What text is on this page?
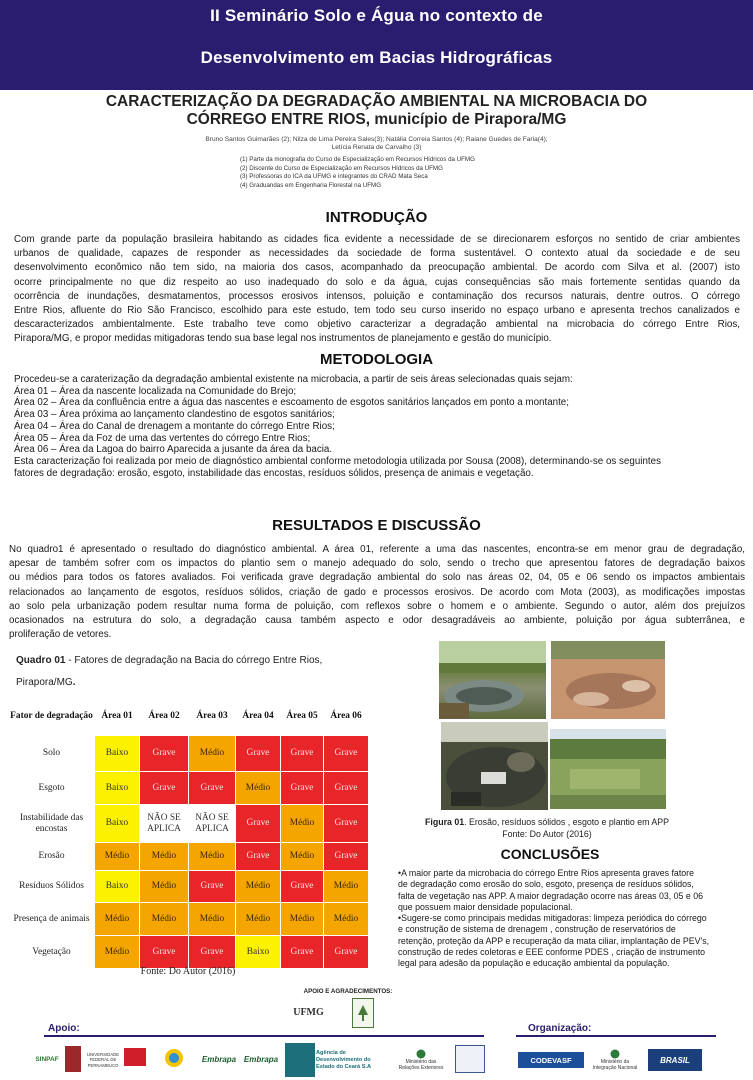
II Seminário Solo e Água no contexto de
Desenvolvimento em Bacias Hidrográficas
CARACTERIZAÇÃO DA DEGRADAÇÃO AMBIENTAL NA MICROBACIA DO
CÓRREGO ENTRE RIOS, município de Pirapora/MG
Bruno Santos Guimarães (2); Nilza de Lima Pereira Sales(3); Natália Correia Santos (4); Raiane Guedes de Faria(4);
Letícia Renata de Carvalho (3)
(1) Parte da monografia do Curso de Especialização em Recursos Hídricos da UFMG
(2) Discente do Curso de Especialização em Recursos Hídricos da UFMG
(3) Professoras do ICA da UFMG e integrantes do CRAD Mata Seca
(4) Graduandas em Engenharia Florestal na UFMG
INTRODUÇÃO
Com grande parte da população brasileira habitando as cidades fica evidente a necessidade de se direcionarem esforços no sentido de criar ambientes
urbanos de qualidade, capazes de responder as necessidades da sociedade de forma sustentável. O contexto atual da sociedade e de seu
desenvolvimento econômico não tem sido, na maioria dos casos, acompanhado da preocupação ambiental. De acordo com Silva et al. (2007) isto
ocorre principalmente no que diz respeito ao uso inadequado do solo e da água, cujas consequências são mais fortemente sentidas quando da
ocorrência de inundações, desmatamentos, processos erosivos intensos, poluição e contaminação dos recursos naturais, dentre outros. O córrego
Entre Rios, afluente do Rio São Francisco, escolhido para este estudo, tem todo seu curso inserido no espaço urbano e apresenta trechos canalizados e
descaracterizados ambientalmente. Este trabalho teve como objetivo caracterizar a degradação ambiental na microbacia do córrego Entre Rios,
Pirapora/MG, e propor medidas mitigadoras tendo sua base legal nos instrumentos de planejamento e gestão do município.
METODOLOGIA
Procedeu-se a caraterização da degradação ambiental existente na microbacia, a partir de seis áreas selecionadas quais sejam:
Área 01 – Área da nascente localizada na Comunidade do Brejo;
Área 02 – Área da confluência entre a água das nascentes e escoamento de esgotos sanitários lançados em ponto a montante;
Área 03 – Área próxima ao lançamento clandestino de esgotos sanitários;
Área 04 – Área do Canal de drenagem a montante do córrego Entre Rios;
Área 05 – Área da Foz de uma das vertentes do córrego Entre Rios;
Área 06 – Área da Lagoa do bairro Aparecida a jusante da área da bacia.
Esta caracterização foi realizada por meio de diagnóstico ambiental conforme metodologia utilizada por Sousa (2008), determinando-se os seguintes
fatores de degradação: erosão, esgoto, instabilidade das encostas, resíduos sólidos, presença de animais e vegetação.
RESULTADOS E DISCUSSÃO
No quadro1 é apresentado o resultado do diagnóstico ambiental. A área 01, referente a uma das nascentes, encontra-se em menor grau de degradação,
apesar de também sofrer com os impactos do plantio sem o manejo adequado do solo, sendo o trecho que apresentou fatores de degradação baixos
ou médios para todos os fatores avaliados. Foi verificada grave degradação ambiental do solo nas áreas 02, 04, 05 e 06 sendo os impactos ambientais
relacionados ao lançamento de esgotos, resíduos sólidos, criação de gado e processos erosivos. De acordo com Mota (2003), as modificações impostas
ao solo pela urbanização podem resultar numa forma de poluição, com reflexos sobre o homem e o ambiente. Segundo o autor, além dos prejuízos
ocasionados na estrutura do solo, a degradação causa também aspecto e odor desagradáveis ao ambiente, poluição por água subterrânea, e
proliferação de vetores.
Quadro 01 - Fatores de degradação na Bacia do córrego Entre Rios,
Pirapora/MG.
Fator de degradação	Área 01	Área 02	Área 03	Área 04	Área 05	Área 06
Solo	Baixo	Grave	Médio	Grave	Grave	Grave
Esgoto	Baixo	Grave	Grave	Médio	Grave	Grave
Instabilidade das encostas	Baixo	NÃO SE APLICA	NÃO SE APLICA	Grave	Médio	Grave
Erosão	Médio	Médio	Médio	Grave	Médio	Grave
Resíduos Sólidos	Baixo	Médio	Grave	Médio	Grave	Médio
Presença de animais	Médio	Médio	Médio	Médio	Médio	Médio
Vegetação	Médio	Grave	Grave	Baixo	Grave	Grave
Fonte: Do Autor (2016)
Figura 01. Erosão, resíduos sólidos , esgoto e plantio em APP
Fonte: Do Autor (2016)
CONCLUSÕES
•A maior parte da microbacia do córrego Entre Rios apresenta graves fatore
de degradação como erosão do solo, esgoto, presença de resíduos sólidos,
falta de vegetação nas APP. A maior degradação ocorre nas áreas 03, 05 e 06
que possuem maior densidade populacional.
•Sugere-se como principais medidas mitigadoras: limpeza periódica do córrego
e construção de sistema de drenagem , construção de reservatórios de
retenção, proteção da APP e recuperação da mata ciliar, implantação de PEV's,
construção de redes coletoras e EEE conforme PDES , criação de instrumento
legal para adesão da população e educação ambiental da população.
APOIO E AGRADECIMENTOS:
UFMG
Apoio:	Organização:
SINPAF
UNIVERSIDADE FEDERAL DE PERNAMBUCO
Embrapa Embrapa
Agência de Desenvolvimento do Estado do Ceará S.A
Ministério das Relações Exteriores
CODEVASF	Ministério da Integração Nacional
BRASIL
